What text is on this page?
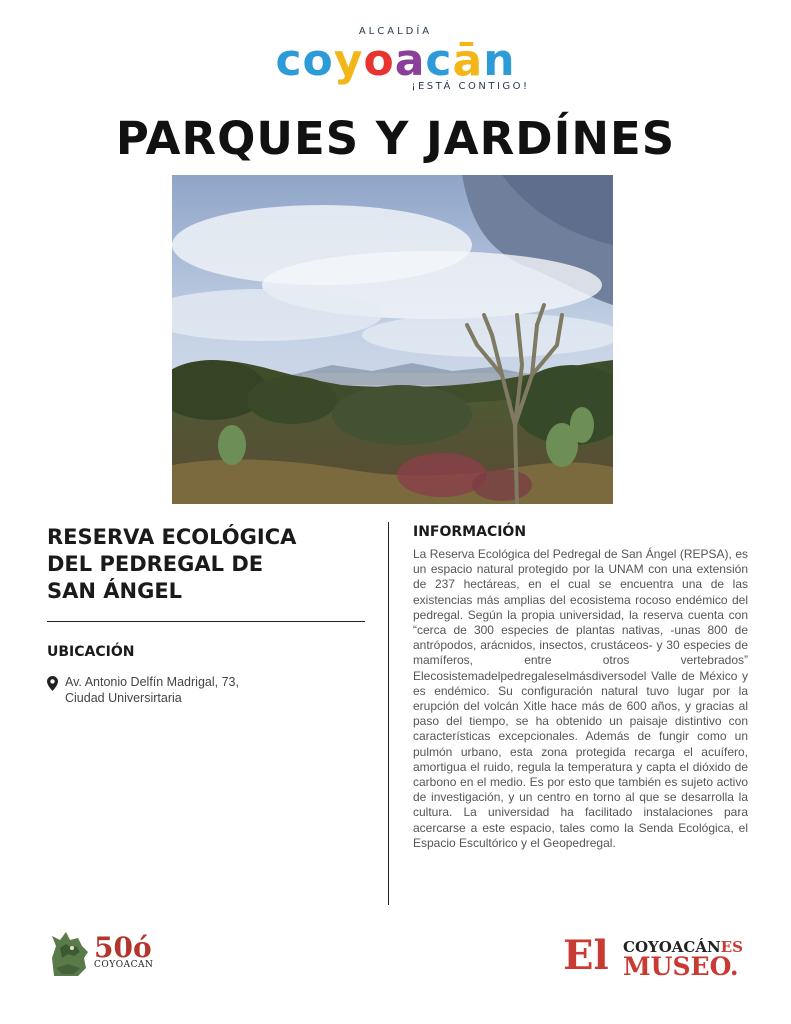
ALCALDÍA
coyoacān
¡ESTÁ CONTIGO!
PARQUES Y JARDÍNES
RESERVA ECOLÓGICA
DEL PEDREGAL DE
SAN ÁNGEL
UBICACIÓN
Av. Antonio Delfín Madrigal, 73,
Ciudad Universirtaria
INFORMACIÓN

La Reserva Ecológica del Pedregal de San Ángel (REPSA), es un espacio natural protegido por la UNAM con una extensión de 237 hectáreas, en el cual se encuentra una de las existencias más amplias del ecosistema rocoso endémico del pedregal. Según la propia universidad, la reserva cuenta con “cerca de 300 especies de plantas nativas, -unas 800 de antrópodos, arácnidos, insectos, crustáceos- y 30 especies de mamíferos, entre otros vertebrados” Elecosistemadelpedregaleselmásdiversodel Valle de México y es endémico. Su configuración natural tuvo lugar por la erupción del volcán Xitle hace más de 600 años, y gracias al paso del tiempo, se ha obtenido un paisaje distintivo con características excepcionales. Además de fungir como un pulmón urbano, esta zona protegida recarga el acuífero, amortigua el ruido, regula la temperatura y capta el dióxido de carbono en el medio. Es por esto que también es sujeto activo de investigación, y un centro en torno al que se desarrolla la cultura. La universidad ha facilitado instalaciones para acercarse a este espacio, tales como la Senda Ecológica, el Espacio Escultórico y el Geopedregal.

50ó
COYOACAN	El COYOACÁNES
MUSEO.
